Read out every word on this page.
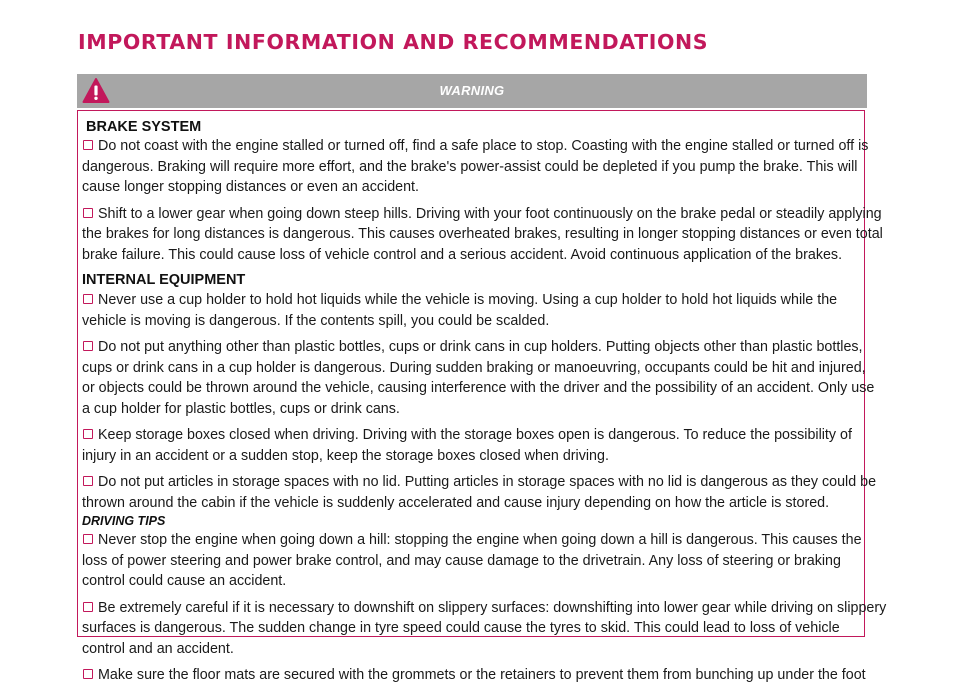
IMPORTANT INFORMATION AND RECOMMENDATIONS
WARNING
BRAKE SYSTEM
Do not coast with the engine stalled or turned off, find a safe place to stop. Coasting with the engine stalled or turned off is
dangerous. Braking will require more effort, and the brake's power-assist could be depleted if you pump the brake. This will
cause longer stopping distances or even an accident.
Shift to a lower gear when going down steep hills. Driving with your foot continuously on the brake pedal or steadily applying
the brakes for long distances is dangerous. This causes overheated brakes, resulting in longer stopping distances or even total
brake failure. This could cause loss of vehicle control and a serious accident. Avoid continuous application of the brakes.
INTERNAL EQUIPMENT
Never use a cup holder to hold hot liquids while the vehicle is moving. Using a cup holder to hold hot liquids while the
vehicle is moving is dangerous. If the contents spill, you could be scalded.
Do not put anything other than plastic bottles, cups or drink cans in cup holders. Putting objects other than plastic bottles,
cups or drink cans in a cup holder is dangerous. During sudden braking or manoeuvring, occupants could be hit and injured,
or objects could be thrown around the vehicle, causing interference with the driver and the possibility of an accident. Only use
a cup holder for plastic bottles, cups or drink cans.
Keep storage boxes closed when driving. Driving with the storage boxes open is dangerous. To reduce the possibility of
injury in an accident or a sudden stop, keep the storage boxes closed when driving.
Do not put articles in storage spaces with no lid. Putting articles in storage spaces with no lid is dangerous as they could be
thrown around the cabin if the vehicle is suddenly accelerated and cause injury depending on how the article is stored.
DRIVING TIPS
Never stop the engine when going down a hill: stopping the engine when going down a hill is dangerous. This causes the
loss of power steering and power brake control, and may cause damage to the drivetrain. Any loss of steering or braking
control could cause an accident.
Be extremely careful if it is necessary to downshift on slippery surfaces: downshifting into lower gear while driving on slippery
surfaces is dangerous. The sudden change in tyre speed could cause the tyres to skid. This could lead to loss of vehicle
control and an accident.
Make sure the floor mats are secured with the grommets or the retainers to prevent them from bunching up under the foot
